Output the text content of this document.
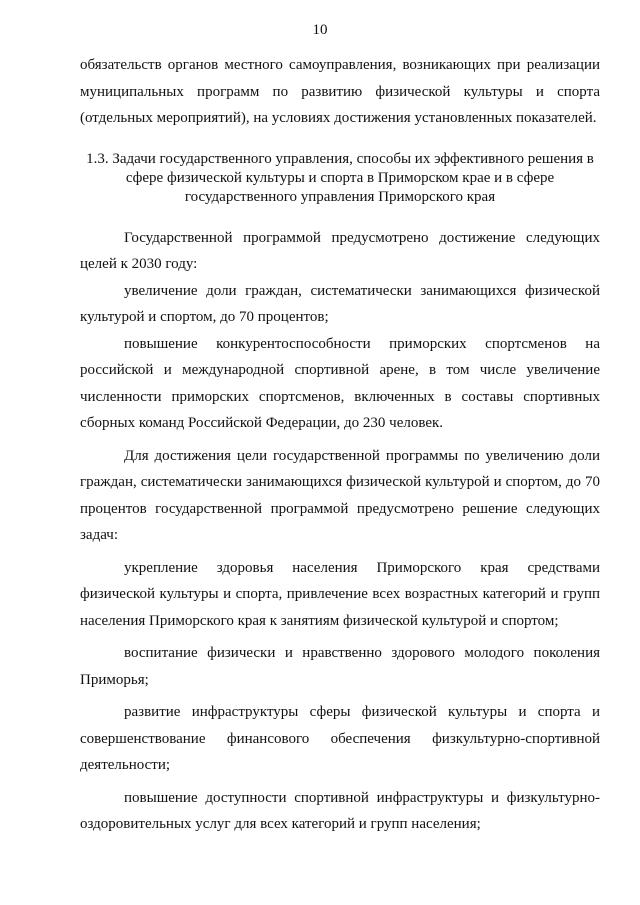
10

обязательств органов местного самоуправления, возникающих при реализации муниципальных программ по развитию физической культуры и спорта (отдельных мероприятий), на условиях достижения установленных показателей.

1.3. Задачи государственного управления, способы их эффективного решения в сфере физической культуры и спорта в Приморском крае и в сфере государственного управления Приморского края

Государственной программой предусмотрено достижение следующих целей к 2030 году:

увеличение доли граждан, систематически занимающихся физической культурой и спортом, до 70 процентов;

повышение конкурентоспособности приморских спортсменов на российской и международной спортивной арене, в том числе увеличение численности приморских спортсменов, включенных в составы спортивных сборных команд Российской Федерации, до 230 человек.

Для достижения цели государственной программы по увеличению доли граждан, систематически занимающихся физической культурой и спортом, до 70 процентов государственной программой предусмотрено решение следующих задач:

укрепление здоровья населения Приморского края средствами физической культуры и спорта, привлечение всех возрастных категорий и групп населения Приморского края к занятиям физической культурой и спортом;

воспитание физически и нравственно здорового молодого поколения Приморья;

развитие инфраструктуры сферы физической культуры и спорта и совершенствование финансового обеспечения физкультурно-спортивной деятельности;

повышение доступности спортивной инфраструктуры и физкультурно-оздоровительных услуг для всех категорий и групп населения;
